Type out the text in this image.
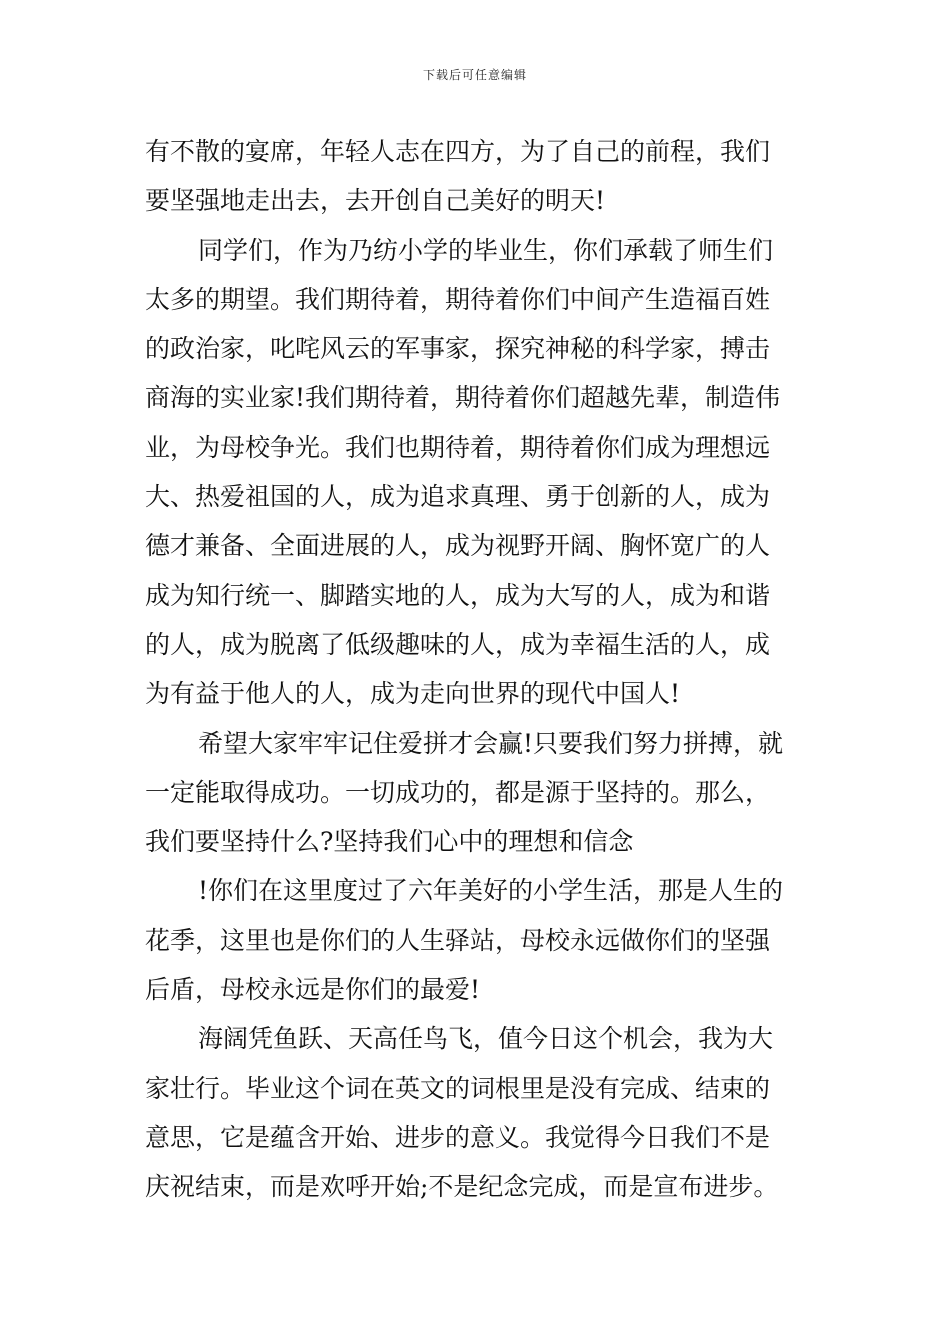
下载后可任意编辑
有不散的宴席，年轻人志在四方，为了自己的前程，我们
要坚强地走出去，去开创自己美好的明天!
同学们，作为乃纺小学的毕业生，你们承载了师生们
太多的期望。我们期待着，期待着你们中间产生造福百姓
的政治家，叱咤风云的军事家，探究神秘的科学家，搏击
商海的实业家!我们期待着，期待着你们超越先辈，制造伟
业，为母校争光。我们也期待着，期待着你们成为理想远
大、热爱祖国的人，成为追求真理、勇于创新的人，成为
德才兼备、全面进展的人，成为视野开阔、胸怀宽广的人
成为知行统一、脚踏实地的人，成为大写的人，成为和谐
的人，成为脱离了低级趣味的人，成为幸福生活的人，成
为有益于他人的人，成为走向世界的现代中国人!
希望大家牢牢记住爱拼才会赢!只要我们努力拼搏，就
一定能取得成功。一切成功的，都是源于坚持的。那么，
我们要坚持什么?坚持我们心中的理想和信念
!你们在这里度过了六年美好的小学生活，那是人生的
花季，这里也是你们的人生驿站，母校永远做你们的坚强
后盾，母校永远是你们的最爱!
海阔凭鱼跃、天高任鸟飞，值今日这个机会，我为大
家壮行。毕业这个词在英文的词根里是没有完成、结束的
意思，它是蕴含开始、进步的意义。我觉得今日我们不是
庆祝结束，而是欢呼开始;不是纪念完成，而是宣布进步。
